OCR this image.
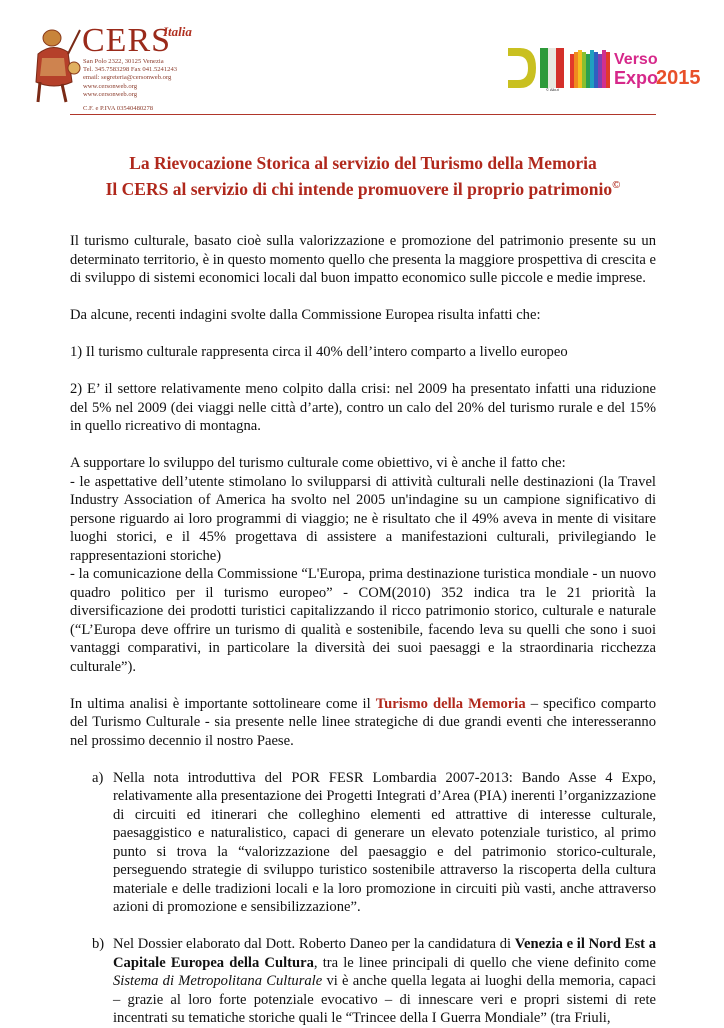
CERS
Italia
San Polo 2322, 30125 Venezia
Tel. 345.7583298 Fax 041.5241243
email: segreteria@cersonweb.org
www.cersonweb.org
www.cersonweb.org
C.F. e P.IVA 03540480278
Verso
Expo
2015
© Alkut
La Rievocazione Storica al servizio del Turismo della Memoria
Il CERS al servizio di chi intende promuovere il proprio patrimonio©

Il turismo culturale, basato cioè sulla valorizzazione e promozione del patrimonio presente su un determinato territorio, è in questo momento quello che presenta la maggiore prospettiva di crescita e di sviluppo di sistemi economici locali dal buon impatto economico sulle piccole e medie imprese.

Da alcune, recenti indagini svolte dalla Commissione Europea risulta infatti che:

1) Il turismo culturale rappresenta circa il 40% dell’intero comparto a livello europeo

2) E’ il settore relativamente meno colpito dalla crisi: nel 2009 ha presentato infatti una riduzione del 5% nel 2009 (dei viaggi nelle città d’arte), contro un calo del 20% del turismo rurale e del 15% in quello ricreativo di montagna.

A supportare lo sviluppo del turismo culturale come obiettivo, vi è anche il fatto che:

- le aspettative dell’utente stimolano lo svilupparsi di attività culturali nelle destinazioni (la Travel Industry Association of America ha svolto nel 2005 un'indagine su un campione significativo di persone riguardo ai loro programmi di viaggio; ne è risultato che il 49% aveva in mente di visitare luoghi storici, e il 45% progettava di assistere a manifestazioni culturali, privilegiando le rappresentazioni storiche)

- la comunicazione della Commissione “L'Europa, prima destinazione turistica mondiale - un nuovo quadro politico per il turismo europeo” - COM(2010) 352 indica tra le 21 priorità la diversificazione dei prodotti turistici capitalizzando il ricco patrimonio storico, culturale e naturale (“L’Europa deve offrire un turismo di qualità e sostenibile, facendo leva su quelli che sono i suoi vantaggi comparativi, in particolare la diversità dei suoi paesaggi e la straordinaria ricchezza culturale”).

In ultima analisi è importante sottolineare come il Turismo della Memoria – specifico comparto del Turismo Culturale - sia presente nelle linee strategiche di due grandi eventi che interesseranno nel prossimo decennio il nostro Paese.

a) Nella nota introduttiva del POR FESR Lombardia 2007-2013: Bando Asse 4 Expo, relativamente alla presentazione dei Progetti Integrati d’Area (PIA) inerenti l’organizzazione di circuiti ed itinerari che colleghino elementi ed attrattive di interesse culturale, paesaggistico e naturalistico, capaci di generare un elevato potenziale turistico, al primo punto si trova la “valorizzazione del paesaggio e del patrimonio storico-culturale, perseguendo strategie di sviluppo turistico sostenibile attraverso la riscoperta della cultura materiale e delle tradizioni locali e la loro promozione in circuiti più vasti, anche attraverso azioni di promozione e sensibilizzazione”.
b) Nel Dossier elaborato dal Dott. Roberto Daneo per la candidatura di Venezia e il Nord Est a Capitale Europea della Cultura, tra le linee principali di quello che viene definito come Sistema di Metropolitana Culturale vi è anche quella legata ai luoghi della memoria, capaci – grazie al loro forte potenziale evocativo – di innescare veri e propri sistemi di rete incentrati su tematiche storiche quali le “Trincee della I Guerra Mondiale” (tra Friuli,
